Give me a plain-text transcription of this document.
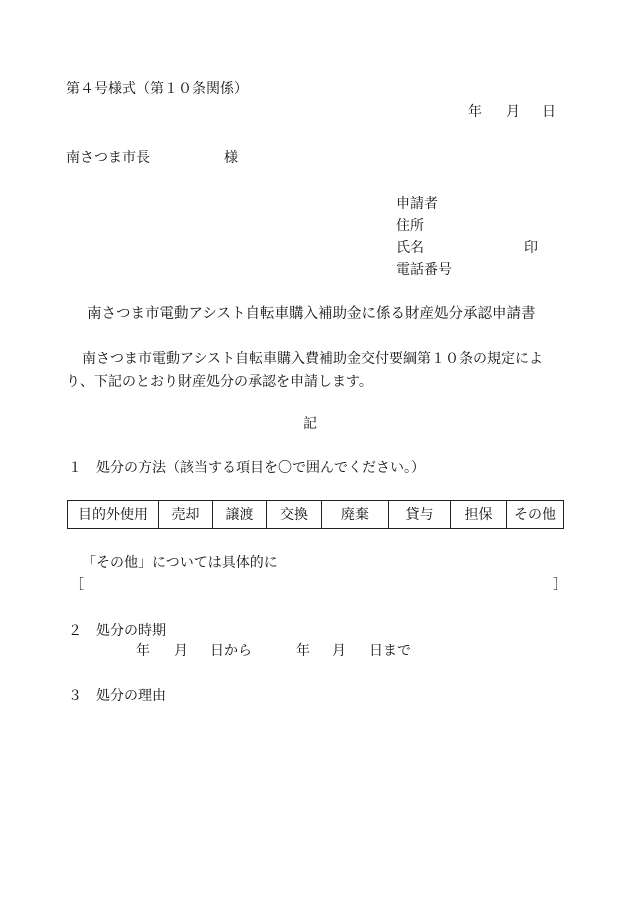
第４号様式（第１０条関係）
年 月 日
南さつま市長	様
申請者
住所
氏名	印
電話番号
南さつま市電動アシスト自転車購入補助金に係る財産処分承認申請書
南さつま市電動アシスト自転車購入費補助金交付要綱第１０条の規定によ
り、下記のとおり財産処分の承認を申請します。
記
１　処分の方法（該当する項目を〇で囲んでください。）
目的外使用	売却	譲渡	交換	廃棄	貸与	担保	その他
「その他」については具体的に
［	］
２　処分の時期
年 月 日から	年 月 日まで
３　処分の理由
